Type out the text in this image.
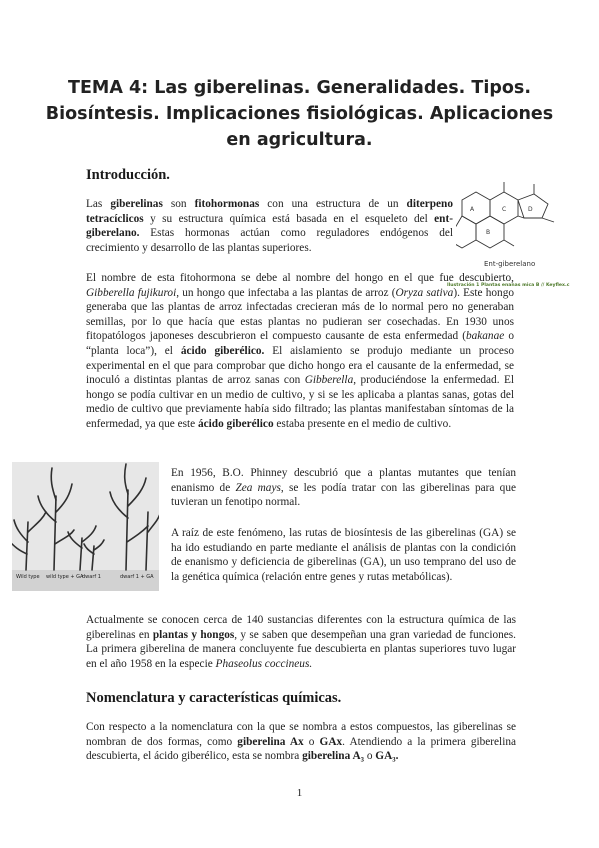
TEMA 4: Las giberelinas. Generalidades. Tipos.
Biosíntesis. Implicaciones fisiológicas. Aplicaciones
en agricultura.
Introducción.
Las giberelinas son fitohormonas con una estructura de un diterpeno tetracíclicos y su estructura química está basada en el esqueleto del ent-giberelano. Estas hormonas actúan como reguladores endógenos del crecimiento y desarrollo de las plantas superiores.
A
B
C	D
Ent-giberelano
Ilustración 1 Plantas enanas mica B // Keyflex.c
El nombre de esta fitohormona se debe al nombre del hongo en el que fue descubierto, Gibberella fujikuroi, un hongo que infectaba a las plantas de arroz (Oryza sativa). Este hongo generaba que las plantas de arroz infectadas crecieran más de lo normal pero no generaban semillas, por lo que hacía que estas plantas no pudieran ser cosechadas. En 1930 unos fitopatólogos japoneses descubrieron el compuesto causante de esta enfermedad (bakanae o “planta loca”), el ácido giberélico. El aislamiento se produjo mediante un proceso experimental en el que para comprobar que dicho hongo era el causante de la enfermedad, se inoculó a distintas plantas de arroz sanas con Gibberella, produciéndose la enfermedad. El hongo se podía cultivar en un medio de cultivo, y si se les aplicaba a plantas sanas, gotas del medio de cultivo que previamente había sido filtrado; las plantas manifestaban síntomas de la enfermedad, ya que este ácido giberélico estaba presente en el medio de cultivo.
Wild type wild type + GA
dwarf 1	dwarf 1 + GA
En 1956, B.O. Phinney descubrió que a plantas mutantes que tenían enanismo de Zea mays, se les podía tratar con las giberelinas para que tuvieran un fenotipo normal.
A raíz de este fenómeno, las rutas de biosíntesis de las giberelinas (GA) se ha ido estudiando en parte mediante el análisis de plantas con la condición de enanismo y deficiencia de giberelinas (GA), un uso temprano del uso de la genética química (relación entre genes y rutas metabólicas).
Actualmente se conocen cerca de 140 sustancias diferentes con la estructura química de las giberelinas en plantas y hongos, y se saben que desempeñan una gran variedad de funciones. La primera giberelina de manera concluyente fue descubierta en plantas superiores tuvo lugar en el año 1958 en la especie Phaseolus coccineus.
Nomenclatura y características químicas.
Con respecto a la nomenclatura con la que se nombra a estos compuestos, las giberelinas se nombran de dos formas, como giberelina Ax o GAx. Atendiendo a la primera giberelina descubierta, el ácido giberélico, esta se nombra giberelina A₃ o GA₃.
1
